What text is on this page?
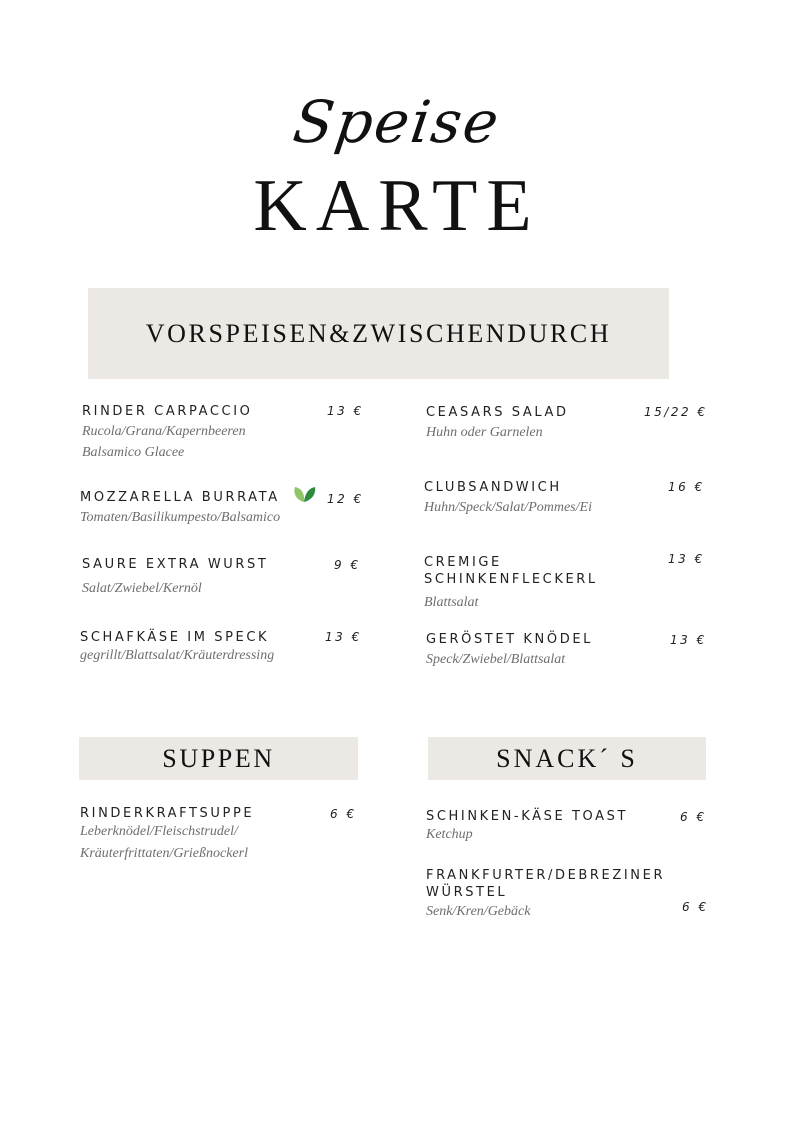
Speise
KARTE
VORSPEISEN&ZWISCHENDURCH
RINDER CARPACCIO
Rucola/Grana/Kapernbeeren
Balsamico Glacee
13 €
MOZZARELLA BURRATA
Tomaten/Basilikumpesto/Balsamico
12 €
SAURE EXTRA WURST
Salat/Zwiebel/Kernöl
9 €
SCHAFKÄSE IM SPECK
gegrillt/Blattsalat/Kräuterdressing
13 €
CEASARS SALAD
Huhn oder Garnelen
15/22 €
CLUBSANDWICH
Huhn/Speck/Salat/Pommes/Ei
16 €
CREMIGE SCHINKENFLECKERL
Blattsalat
13 €
GERÖSTET KNÖDEL
Speck/Zwiebel/Blattsalat
13 €
SUPPEN
RINDERKRAFTSUPPE
Leberknödel/Fleischstrudel/
Kräuterfrittaten/Grießnockerl
6 €
SNACK´ S
SCHINKEN-KÄSE TOAST
Ketchup
6 €
FRANKFURTER/DEBREZINER WÜRSTEL
Senk/Kren/Gebäck	6 €
